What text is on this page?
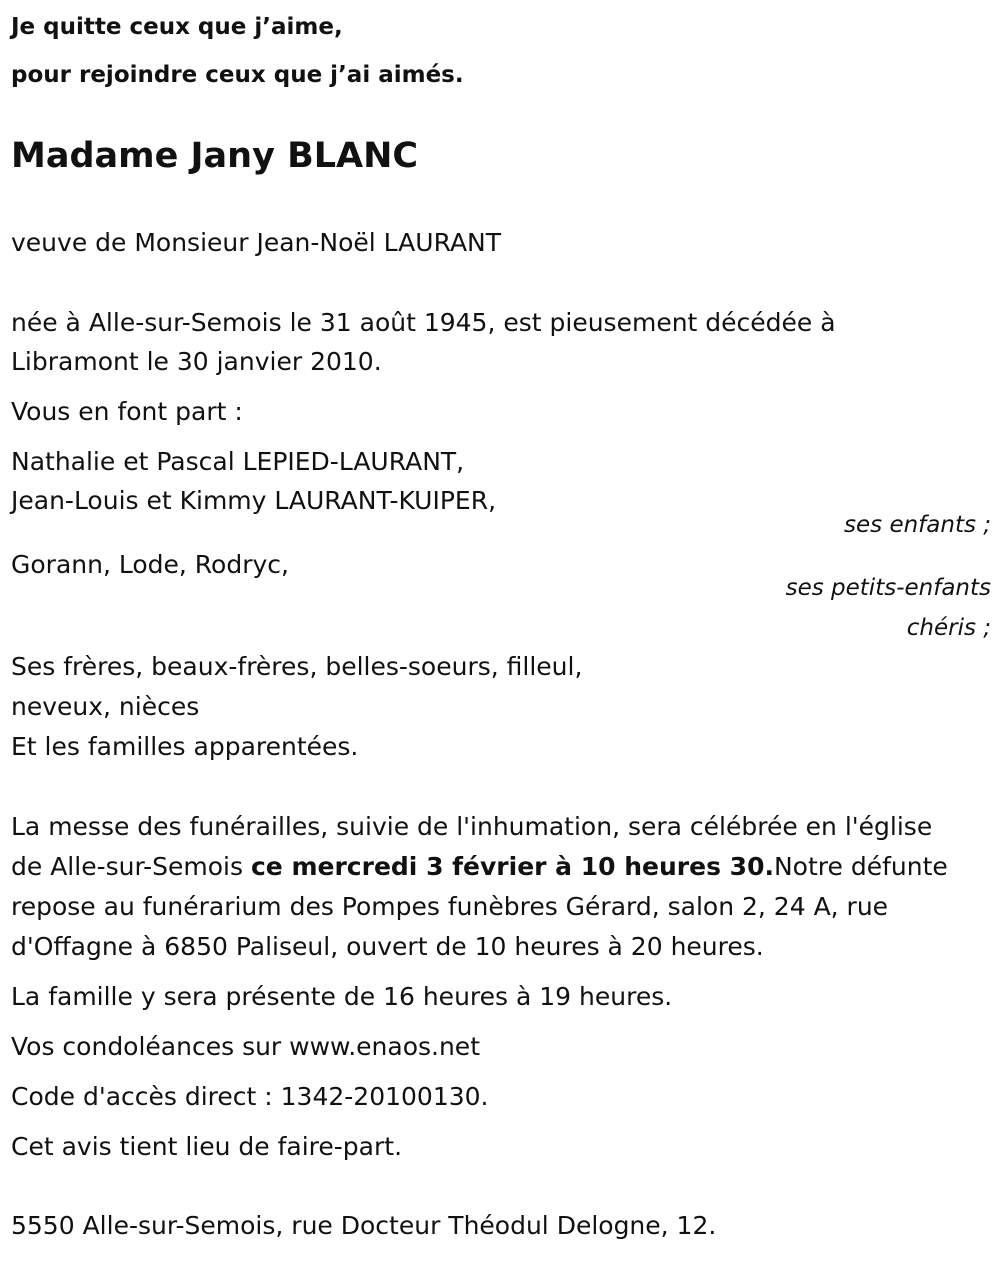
Je quitte ceux que j’aime,
pour rejoindre ceux que j’ai aimés.
Madame Jany BLANC
veuve de Monsieur Jean-Noël LAURANT
née à Alle-sur-Semois le 31 août 1945, est pieusement décédée à
Libramont le 30 janvier 2010.
Vous en font part :
Nathalie et Pascal LEPIED-LAURANT,
Jean-Louis et Kimmy LAURANT-KUIPER,
ses enfants ;
Gorann, Lode, Rodryc,
ses petits-enfants
chéris ;
Ses frères, beaux-frères, belles-soeurs, filleul,
neveux, nièces
Et les familles apparentées.
La messe des funérailles, suivie de l'inhumation, sera célébrée en l'église
de Alle-sur-Semois ce mercredi 3 février à 10 heures 30.Notre défunte
repose au funérarium des Pompes funèbres Gérard, salon 2, 24 A, rue
d'Offagne à 6850 Paliseul, ouvert de 10 heures à 20 heures.
La famille y sera présente de 16 heures à 19 heures.
Vos condoléances sur www.enaos.net
Code d'accès direct : 1342-20100130.
Cet avis tient lieu de faire-part.
5550 Alle-sur-Semois, rue Docteur Théodul Delogne, 12.
